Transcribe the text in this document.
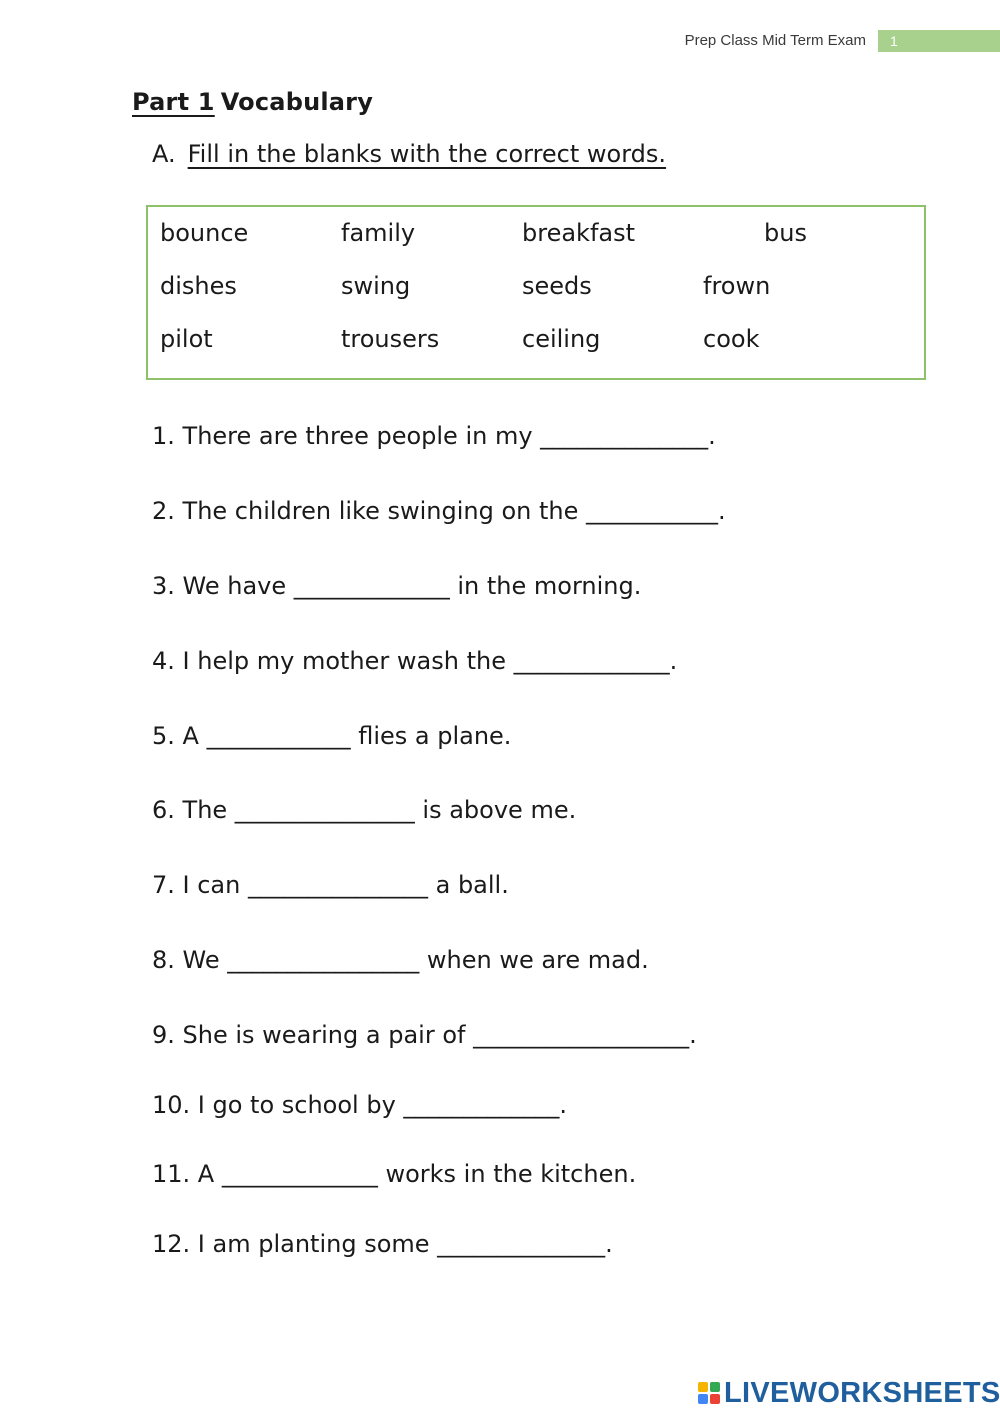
Prep Class Mid Term Exam	1
Part 1 Vocabulary
A. Fill in the blanks with the correct words.
bounce	family	breakfast	bus
dishes	swing	seeds	frown
pilot	trousers	ceiling	cook
1. There are three people in my ______________.
2. The children like swinging on the ___________.
3. We have _____________ in the morning.
4. I help my mother wash the _____________.
5. A ____________ flies a plane.
6. The _______________ is above me.
7. I can _______________ a ball.
8. We ________________ when we are mad.
9. She is wearing a pair of __________________.
10. I go to school by _____________.
11. A _____________ works in the kitchen.
12. I am planting some ______________.
LIVEWORKSHEETS
